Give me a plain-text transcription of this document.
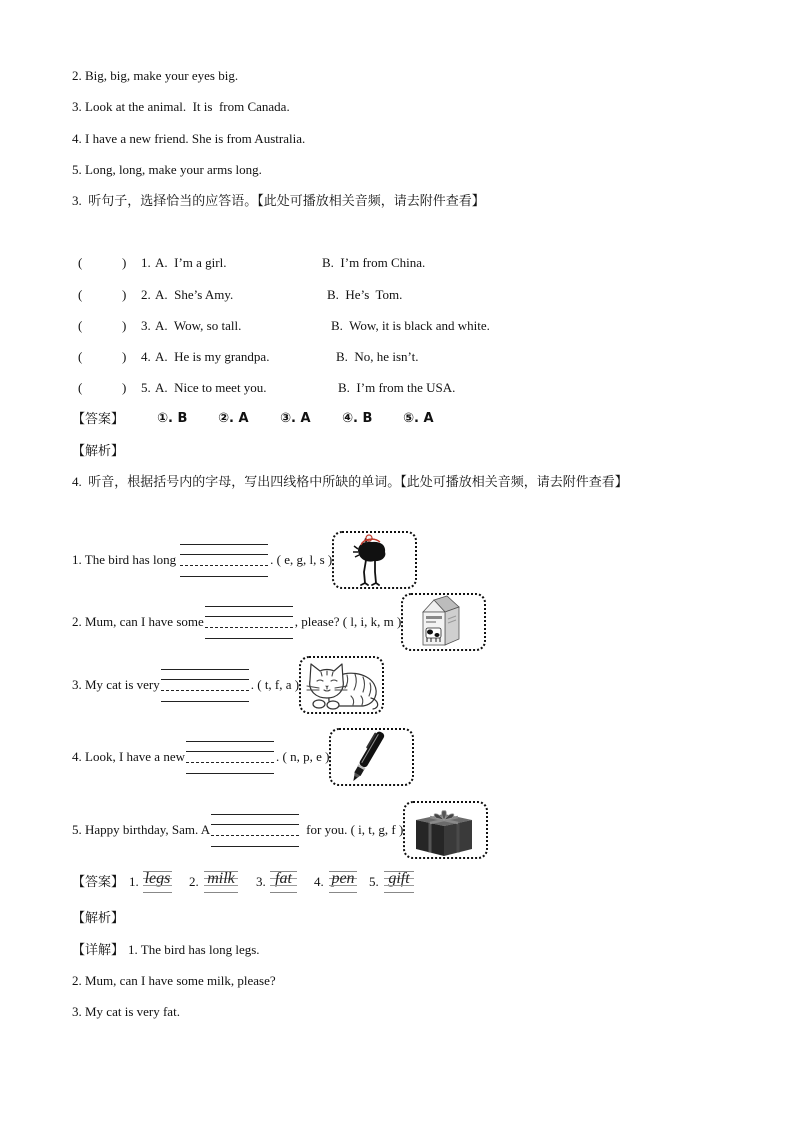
2. Big, big, make your eyes big.
3. Look at the animal.  It is  from Canada.
4. I have a new friend. She is from Australia.
5. Long, long, make your arms long.
3.  听句子，选择恰当的应答语。【此处可播放相关音频，请去附件查看】
(	) 1. A.  I’m a girl.	B.  I’m from China.
(	) 2. A.  She’s Amy.	B.  He’s  Tom.
(	) 3. A.  Wow, so tall.	B.  Wow, it is black and white.
(	) 4. A.  He is my grandpa.	B.  No, he isn’t.
(	) 5. A.  Nice to meet you.	B.  I’m from the USA.
【答案】	①. B ②. A ③. A ④. B ⑤. A
【解析】
4.  听音，根据括号内的字母，写出四线格中所缺的单词。【此处可播放相关音频，请去附件查看】
1. The bird has long	. ( e, g, l, s )
2. Mum, can I have some	, please? ( l, i, k, m )
3. My cat is very	. ( t, f, a )
4. Look, I have a new	. ( n, p, e )
5. Happy birthday, Sam. A	for you. ( i, t, g, f )
【答案】 1. legs	2. milk	3. fat	4. pen	5. gift
【解析】
【详解】 1. The bird has long legs.
2. Mum, can I have some milk, please?
3. My cat is very fat.
